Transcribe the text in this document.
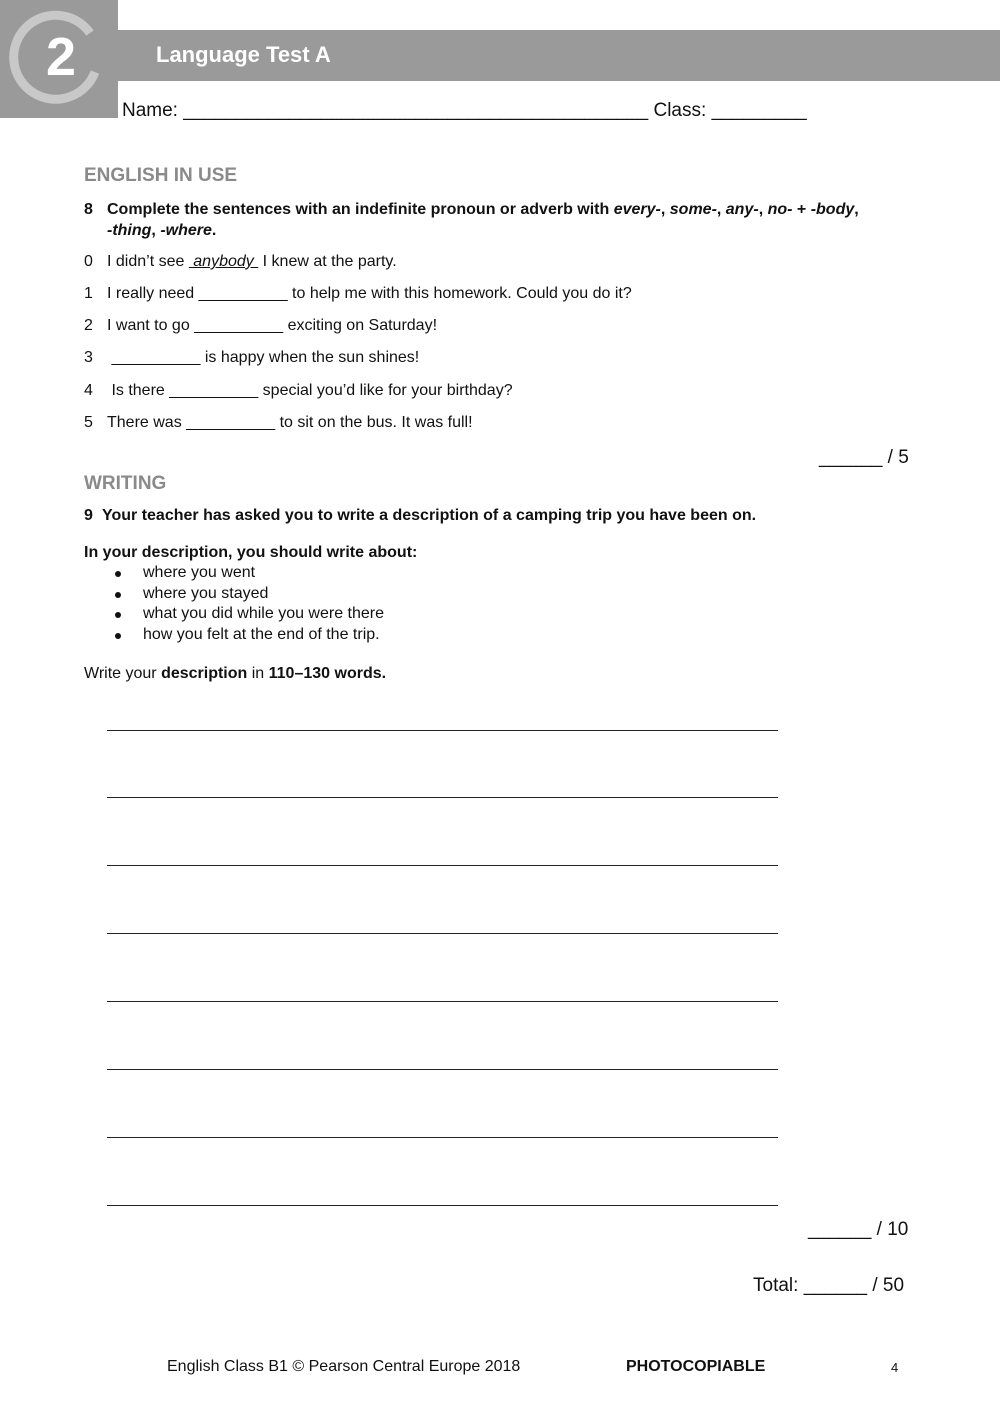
2	Language Test A
Name: ____________________________________________ Class: _________
ENGLISH IN USE
8 Complete the sentences with an indefinite pronoun or adverb with every-, some-, any-, no- + -body,
-thing, -where.
0 I didn’t see  anybody  I knew at the party.
1 I really need __________ to help me with this homework. Could you do it?
2 I want to go __________ exciting on Saturday!
3 __________ is happy when the sun shines!
4 Is there __________ special you’d like for your birthday?
5 There was __________ to sit on the bus. It was full!
______ / 5
WRITING
9 Your teacher has asked you to write a description of a camping trip you have been on.
In your description, you should write about:
where you went
where you stayed
what you did while you were there
how you felt at the end of the trip.
Write your description in 110–130 words.
______ / 10
Total: ______ / 50
English Class B1 © Pearson Central Europe 2018	PHOTOCOPIABLE	4
